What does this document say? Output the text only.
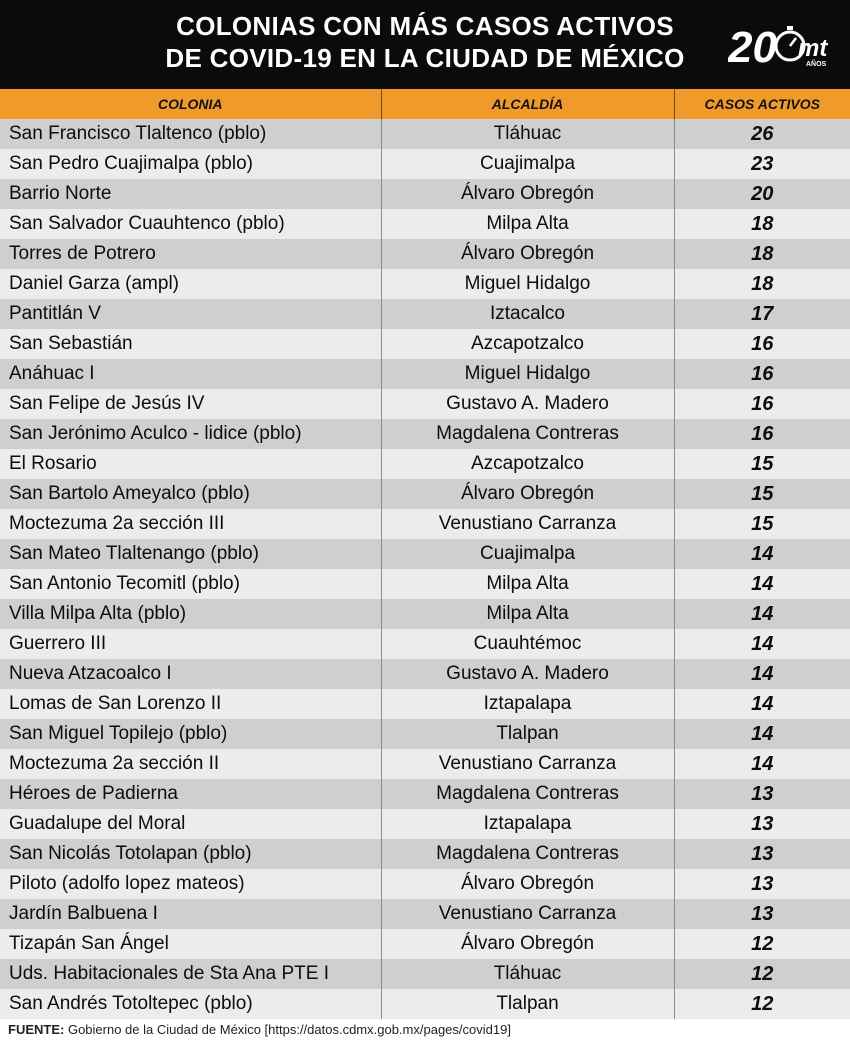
COLONIAS CON MÁS CASOS ACTIVOS
DE COVID-19 EN LA CIUDAD DE MÉXICO 20 mt
AÑOS
COLONIA	ALCALDÍA	CASOS ACTIVOS
San Francisco Tlaltenco (pblo)	Tláhuac	26
San Pedro Cuajimalpa (pblo)	Cuajimalpa	23
Barrio Norte	Álvaro Obregón	20
San Salvador Cuauhtenco (pblo)	Milpa Alta	18
Torres de Potrero	Álvaro Obregón	18
Daniel Garza (ampl)	Miguel Hidalgo	18
Pantitlán V	Iztacalco	17
San Sebastián	Azcapotzalco	16
Anáhuac I	Miguel Hidalgo	16
San Felipe de Jesús IV	Gustavo A. Madero	16
San Jerónimo Aculco - lidice (pblo)	Magdalena Contreras	16
El Rosario	Azcapotzalco	15
San Bartolo Ameyalco (pblo)	Álvaro Obregón	15
Moctezuma 2a sección III	Venustiano Carranza	15
San Mateo Tlaltenango (pblo)	Cuajimalpa	14
San Antonio Tecomitl (pblo)	Milpa Alta	14
Villa Milpa Alta (pblo)	Milpa Alta	14
Guerrero III	Cuauhtémoc	14
Nueva Atzacoalco I	Gustavo A. Madero	14
Lomas de San Lorenzo II	Iztapalapa	14
San Miguel Topilejo (pblo)	Tlalpan	14
Moctezuma 2a sección II	Venustiano Carranza	14
Héroes de Padierna	Magdalena Contreras	13
Guadalupe del Moral	Iztapalapa	13
San Nicolás Totolapan (pblo)	Magdalena Contreras	13
Piloto (adolfo lopez mateos)	Álvaro Obregón	13
Jardín Balbuena I	Venustiano Carranza	13
Tizapán San Ángel	Álvaro Obregón	12
Uds. Habitacionales de Sta Ana PTE I	Tláhuac	12
San Andrés Totoltepec (pblo)	Tlalpan	12
FUENTE: Gobierno de la Ciudad de México [https://datos.cdmx.gob.mx/pages/covid19]
